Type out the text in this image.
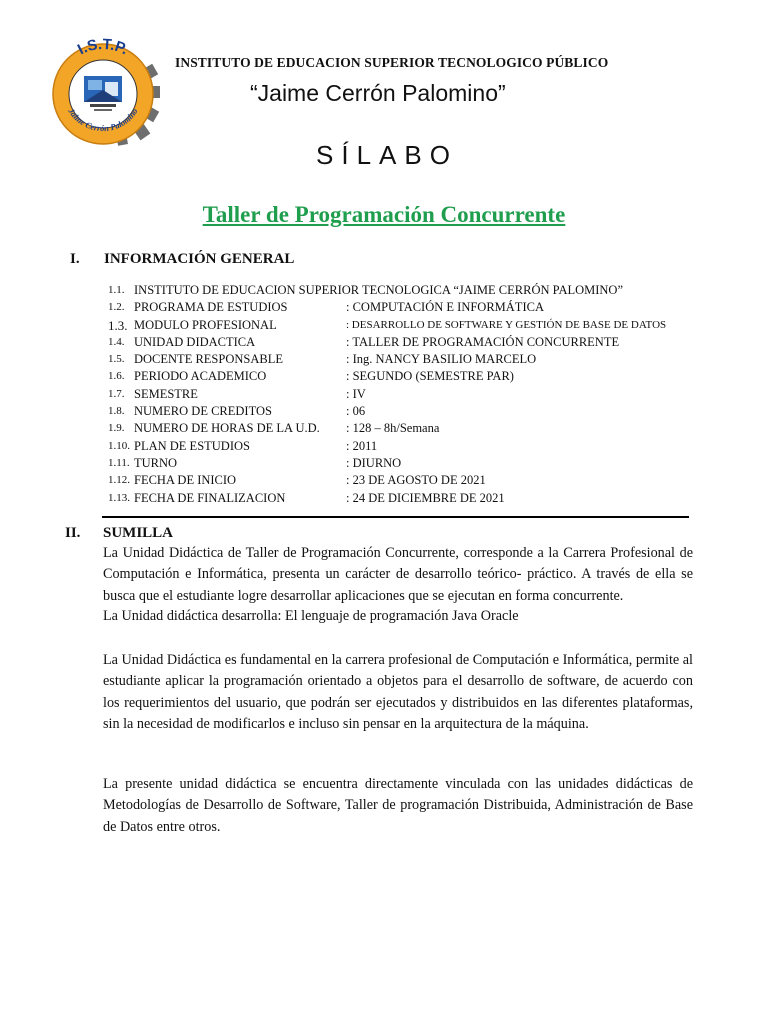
I.S.T.P.
Jaime Cerrón Palomino
INSTITUTO DE EDUCACION SUPERIOR TECNOLOGICO PÚBLICO
“Jaime Cerrón Palomino”
SÍLABO
Taller de Programación Concurrente
I. INFORMACIÓN GENERAL
1.1. INSTITUTO DE EDUCACION SUPERIOR TECNOLOGICA “JAIME CERRÓN PALOMINO”
1.2. PROGRAMA DE ESTUDIOS	: COMPUTACIÓN E INFORMÁTICA
1.3. MODULO PROFESIONAL	: DESARROLLO DE SOFTWARE Y GESTIÓN DE BASE DE DATOS
1.4. UNIDAD DIDACTICA	: TALLER DE PROGRAMACIÓN CONCURRENTE
1.5. DOCENTE RESPONSABLE	: Ing. NANCY BASILIO MARCELO
1.6. PERIODO ACADEMICO	: SEGUNDO (SEMESTRE PAR)
1.7. SEMESTRE	: IV
1.8. NUMERO DE CREDITOS	: 06
1.9. NUMERO DE HORAS DE LA U.D. : 128 – 8h/Semana
1.10. PLAN DE ESTUDIOS	: 2011
1.11. TURNO	: DIURNO
1.12. FECHA DE INICIO	: 23 DE AGOSTO DE 2021
1.13. FECHA DE FINALIZACION	: 24 DE DICIEMBRE DE 2021
II. SUMILLA
La Unidad Didáctica de Taller de Programación Concurrente, corresponde a la Carrera Profesional de Computación e Informática, presenta un carácter de desarrollo teórico- práctico. A través de ella se busca que el estudiante logre desarrollar aplicaciones que se ejecutan en forma concurrente.
La Unidad didáctica desarrolla: El lenguaje de programación Java Oracle
La Unidad Didáctica es fundamental en la carrera profesional de Computación e Informática, permite al estudiante aplicar la programación orientado a objetos para el desarrollo de software, de acuerdo con los requerimientos del usuario, que podrán ser ejecutados y distribuidos en las diferentes plataformas, sin la necesidad de modificarlos e incluso sin pensar en la arquitectura de la máquina.
La presente unidad didáctica se encuentra directamente vinculada con las unidades didácticas de Metodologías de Desarrollo de Software, Taller de programación Distribuida, Administración de Base de Datos entre otros.
